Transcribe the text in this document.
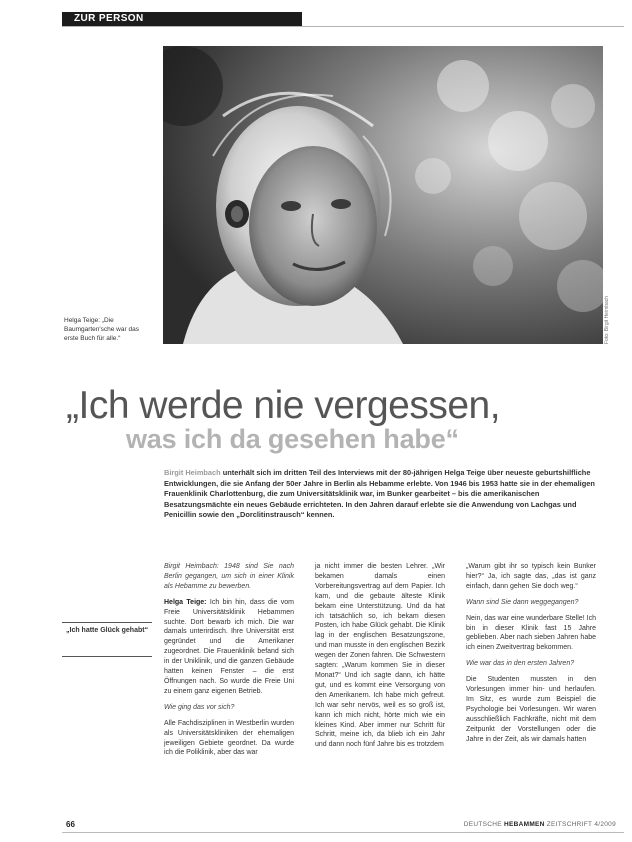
ZUR PERSON
Foto: Birgit Heimbach
Helga Teige: „Die Baumgarten'sche war das erste Buch für alle.“
„Ich werde nie vergessen,
was ich da gesehen habe“
Birgit Heimbach unterhält sich im dritten Teil des Interviews mit der 80-jährigen Helga Teige über neueste geburtshilfliche Entwicklungen, die sie Anfang der 50er Jahre in Berlin als Hebamme erlebte. Von 1946 bis 1953 hatte sie in der ehemaligen Frauenklinik Charlottenburg, die zum Universitätsklinik war, im Bunker gearbeitet – bis die amerikanischen Besatzungsmächte ein neues Gebäude errichteten. In den Jahren darauf erlebte sie die Anwendung von Lachgas und Penicillin sowie den „Dorclitinstrausch“ kennen.
„Ich hatte Glück gehabt“

Birgit Heimbach: 1948 sind Sie nach Berlin gegangen, um sich in einer Klinik als Hebamme zu bewerben.

Helga Teige: Ich bin hin, dass die vom Freie Universitätsklinik Hebammen suchte. Dort bewarb ich mich. Die war damals unterirdisch. Ihre Universität erst gegründet und die Amerikaner zugeordnet. Die Frauenklinik befand sich in der Uniklinik, und die ganzen Gebäude hatten keinen Fenster – die erst Öffnungen nach. So wurde die Freie Uni zu einem ganz eigenen Betrieb.

Wie ging das vor sich?

Alle Fachdisziplinen in Westberlin wurden als Universitätskliniken der ehemaligen jeweiligen Gebiete geordnet. Da wurde ich die Poliklinik, aber das war

ja nicht immer die besten Lehrer. „Wir bekamen damals einen Vorbereitungsvertrag auf dem Papier. Ich kam, und die gebaute älteste Klinik bekam eine Unterstützung. Und da hat ich tatsächlich so, ich bekam diesen Posten, ich habe Glück gehabt. Die Klinik lag in der englischen Besatzungszone, und man musste in den englischen Bezirk wegen der Zonen fahren. Die Schwestern sagten: „Warum kommen Sie in dieser Monat?“ Und ich sagte dann, ich hätte gut, und es kommt eine Versorgung von den Amerikanern. Ich habe mich gefreut. Ich war sehr nervös, weil es so groß ist, kann ich mich nicht, hörte mich wie ein kleines Kind. Aber immer nur Schritt für Schritt, meine ich, da blieb ich ein Jahr und dann noch fünf Jahre bis es trotzdem

„Warum gibt ihr so typisch kein Bunker hier?“ Ja, ich sagte das, „das ist ganz einfach, dann gehen Sie doch weg.“

Wann sind Sie dann weggegangen?

Nein, das war eine wunderbare Stelle! Ich bin in dieser Klinik fast 15 Jahre geblieben. Aber nach sieben Jahren habe ich einen Zweitvertrag bekommen.

Wie war das in den ersten Jahren?

Die Studenten mussten in den Vorlesungen immer hin- und herlaufen. Im Sitz, es wurde zum Beispiel die Psychologie bei Vorlesungen. Wir waren ausschließlich Fachkräfte, nicht mit dem Zeitpunkt der Vorstellungen oder die Jahre in der Zeit, als wir damals hatten

66	DEUTSCHE HEBAMMEN ZEITSCHRIFT 4/2009
